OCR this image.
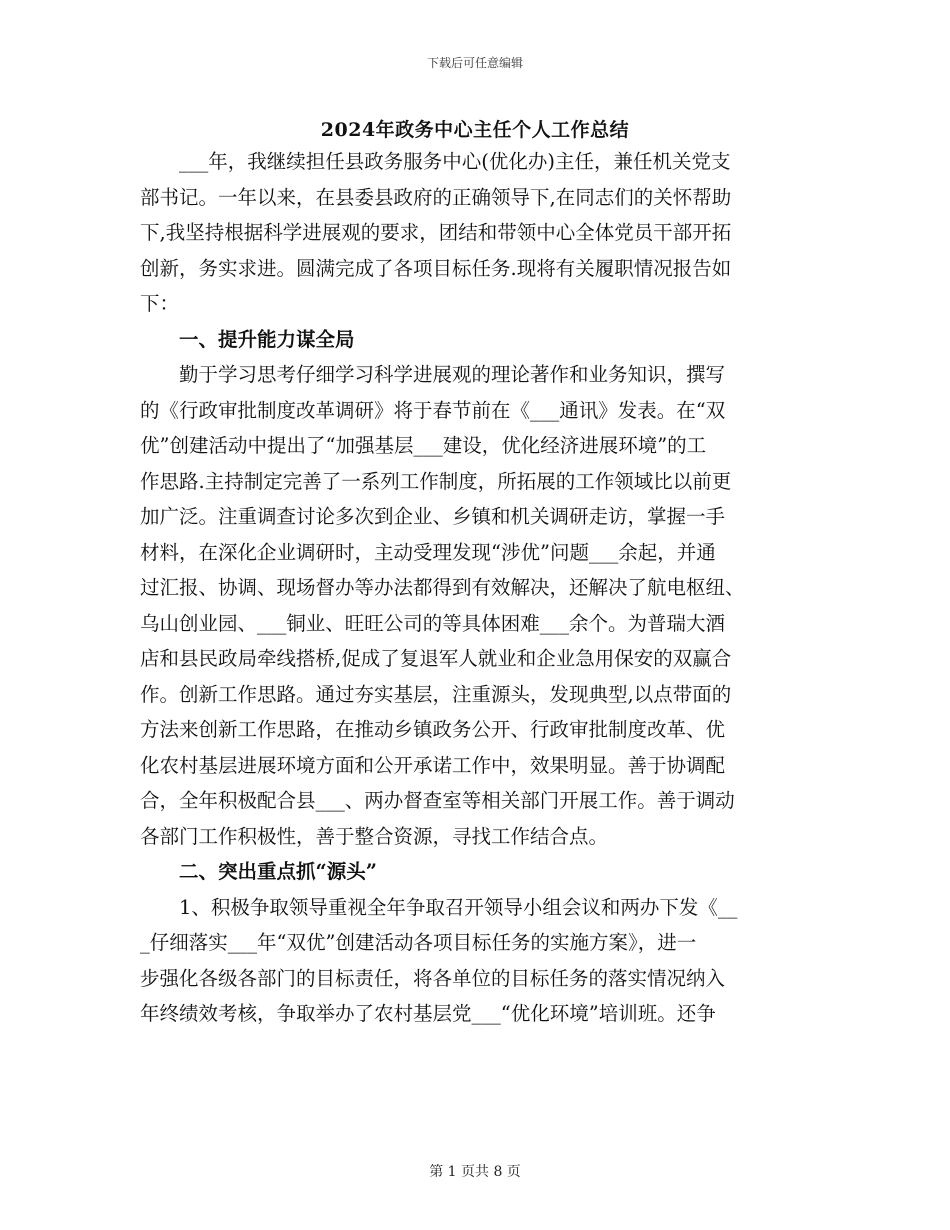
下载后可任意编辑
2024年政务中心主任个人工作总结
　　___年，我继续担任县政务服务中心(优化办)主任，兼任机关党支
部书记。一年以来，在县委县政府的正确领导下,在同志们的关怀帮助
下,我坚持根据科学进展观的要求，团结和带领中心全体党员干部开拓
创新，务实求进。圆满完成了各项目标任务.现将有关履职情况报告如
下：
　　一、提升能力谋全局
　　勤于学习思考仔细学习科学进展观的理论著作和业务知识，撰写
的《行政审批制度改革调研》将于春节前在《___通讯》发表。在“双
优”创建活动中提出了“加强基层___建设，优化经济进展环境”的工
作思路.主持制定完善了一系列工作制度，所拓展的工作领域比以前更
加广泛。注重调查讨论多次到企业、乡镇和机关调研走访，掌握一手
材料，在深化企业调研时，主动受理发现“涉优”问题___余起，并通
过汇报、协调、现场督办等办法都得到有效解决，还解决了航电枢纽、
乌山创业园、___铜业、旺旺公司的等具体困难___余个。为普瑞大酒
店和县民政局牵线搭桥,促成了复退军人就业和企业急用保安的双赢合
作。创新工作思路。通过夯实基层，注重源头，发现典型,以点带面的
方法来创新工作思路，在推动乡镇政务公开、行政审批制度改革、优
化农村基层进展环境方面和公开承诺工作中，效果明显。善于协调配
合，全年积极配合县___、两办督查室等相关部门开展工作。善于调动
各部门工作积极性，善于整合资源，寻找工作结合点。
　　二、突出重点抓“源头”
　　1、积极争取领导重视全年争取召开领导小组会议和两办下发《__
_仔细落实___年“双优”创建活动各项目标任务的实施方案》，进一
步强化各级各部门的目标责任，将各单位的目标任务的落实情况纳入
年终绩效考核，争取举办了农村基层党___“优化环境”培训班。还争
第 1 页共 8 页
